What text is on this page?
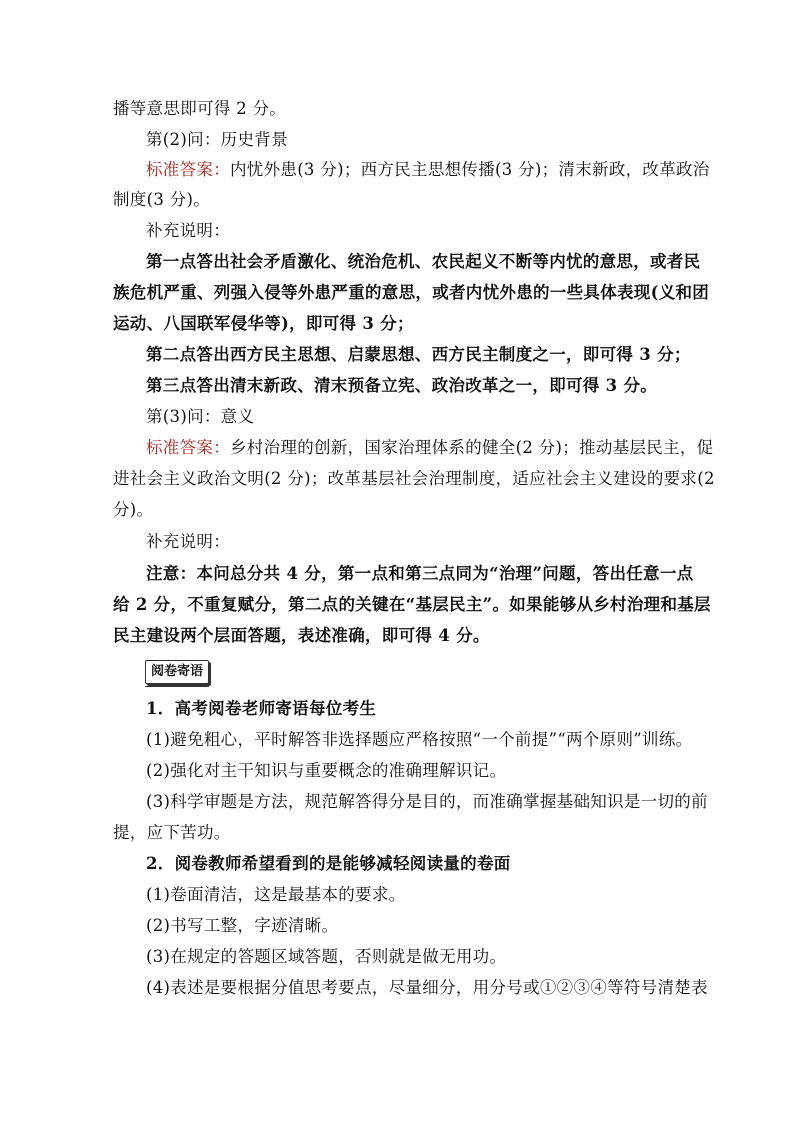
播等意思即可得 2 分。
第(2)问：历史背景
标准答案：内忧外患(3 分)；西方民主思想传播(3 分)；清末新政，改革政治
制度(3 分)。
补充说明：
第一点答出社会矛盾激化、统治危机、农民起义不断等内忧的意思，或者民
族危机严重、列强入侵等外患严重的意思，或者内忧外患的一些具体表现(义和团
运动、八国联军侵华等)，即可得 3 分；
第二点答出西方民主思想、启蒙思想、西方民主制度之一，即可得 3 分；
第三点答出清末新政、清末预备立宪、政治改革之一，即可得 3 分。
第(3)问：意义
标准答案：乡村治理的创新，国家治理体系的健全(2 分)；推动基层民主，促
进社会主义政治文明(2 分)；改革基层社会治理制度，适应社会主义建设的要求(2
分)。
补充说明：
注意：本问总分共 4 分，第一点和第三点同为“治理”问题，答出任意一点
给 2 分，不重复赋分，第二点的关键在“基层民主”。如果能够从乡村治理和基层
民主建设两个层面答题，表述准确，即可得 4 分。
阅卷寄语
1．高考阅卷老师寄语每位考生
(1)避免粗心，平时解答非选择题应严格按照“一个前提”“两个原则”训练。
(2)强化对主干知识与重要概念的准确理解识记。
(3)科学审题是方法，规范解答得分是目的，而准确掌握基础知识是一切的前
提，应下苦功。
2．阅卷教师希望看到的是能够减轻阅读量的卷面
(1)卷面清洁，这是最基本的要求。
(2)书写工整，字迹清晰。
(3)在规定的答题区域答题，否则就是做无用功。
(4)表述是要根据分值思考要点，尽量细分，用分号或①②③④等符号清楚表
